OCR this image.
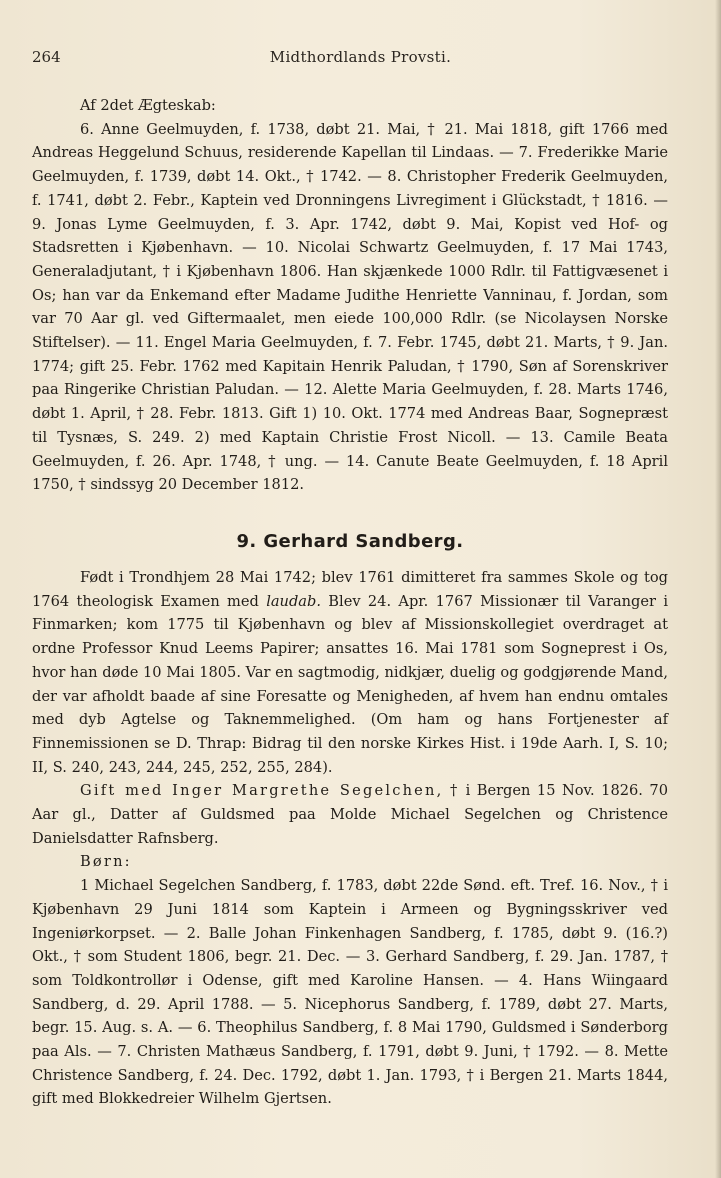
264	Midthordlands Provsti.

Af 2det Ægteskab:

6. Anne Geelmuyden, f. 1738, døbt 21. Mai, † 21. Mai 1818, gift 1766 med Andreas Heggelund Schuus, residerende Kapellan til Lindaas. — 7. Frederikke Marie Geelmuyden, f. 1739, døbt 14. Okt., † 1742. — 8. Christopher Frederik Geelmuyden, f. 1741, døbt 2. Febr., Kaptein ved Dronningens Livregiment i Glückstadt, † 1816. — 9. Jonas Lyme Geelmuyden, f. 3. Apr. 1742, døbt 9. Mai, Kopist ved Hof- og Stadsretten i Kjøbenhavn. — 10. Nicolai Schwartz Geelmuyden, f. 17 Mai 1743, Generaladjutant, † i Kjøbenhavn 1806. Han skjænkede 1000 Rdlr. til Fattigvæsenet i Os; han var da Enkemand efter Madame Judithe Henriette Vanninau, f. Jordan, som var 70 Aar gl. ved Giftermaalet, men eiede 100,000 Rdlr. (se Nicolaysen Norske Stiftelser). — 11. Engel Maria Geelmuyden, f. 7. Febr. 1745, døbt 21. Marts, † 9. Jan. 1774; gift 25. Febr. 1762 med Kapitain Henrik Paludan, † 1790, Søn af Sorenskriver paa Ringerike Christian Paludan. — 12. Alette Maria Geelmuyden, f. 28. Marts 1746, døbt 1. April, † 28. Febr. 1813. Gift 1) 10. Okt. 1774 med Andreas Baar, Sognepræst til Tysnæs, S. 249. 2) med Kaptain Christie Frost Nicoll. — 13. Camile Beata Geelmuyden, f. 26. Apr. 1748, † ung. — 14. Canute Beate Geelmuyden, f. 18 April 1750, † sindssyg 20 December 1812.

9. Gerhard Sandberg.

Født i Trondhjem 28 Mai 1742; blev 1761 dimitteret fra sammes Skole og tog 1764 theologisk Examen med laudab. Blev 24. Apr. 1767 Missionær til Varanger i Finmarken; kom 1775 til Kjøbenhavn og blev af Missionskollegiet overdraget at ordne Professor Knud Leems Papirer; ansattes 16. Mai 1781 som Sogneprest i Os, hvor han døde 10 Mai 1805. Var en sagtmodig, nidkjær, duelig og godgjørende Mand, der var afholdt baade af sine Foresatte og Menigheden, af hvem han endnu omtales med dyb Agtelse og Taknemmelighed. (Om ham og hans Fortjenester af Finnemissionen se D. Thrap: Bidrag til den norske Kirkes Hist. i 19de Aarh. I, S. 10; II, S. 240, 243, 244, 245, 252, 255, 284).

Gift med Inger Margrethe Segelchen, † i Bergen 15 Nov. 1826. 70 Aar gl., Datter af Guldsmed paa Molde Michael Segelchen og Christence Danielsdatter Rafnsberg.

Børn:

1 Michael Segelchen Sandberg, f. 1783, døbt 22de Sønd. eft. Tref. 16. Nov., † i Kjøbenhavn 29 Juni 1814 som Kaptein i Armeen og Bygningsskriver ved Ingeniørkorpset. — 2. Balle Johan Finkenhagen Sandberg, f. 1785, døbt 9. (16.?) Okt., † som Student 1806, begr. 21. Dec. — 3. Gerhard Sandberg, f. 29. Jan. 1787, † som Toldkontrollør i Odense, gift med Karoline Hansen. — 4. Hans Wiingaard Sandberg, d. 29. April 1788. — 5. Nicephorus Sandberg, f. 1789, døbt 27. Marts, begr. 15. Aug. s. A. — 6. Theophilus Sandberg, f. 8 Mai 1790, Guldsmed i Sønderborg paa Als. — 7. Christen Mathæus Sandberg, f. 1791, døbt 9. Juni, † 1792. — 8. Mette Christence Sandberg, f. 24. Dec. 1792, døbt 1. Jan. 1793, † i Bergen 21. Marts 1844, gift med Blokkedreier Wilhelm Gjertsen.
